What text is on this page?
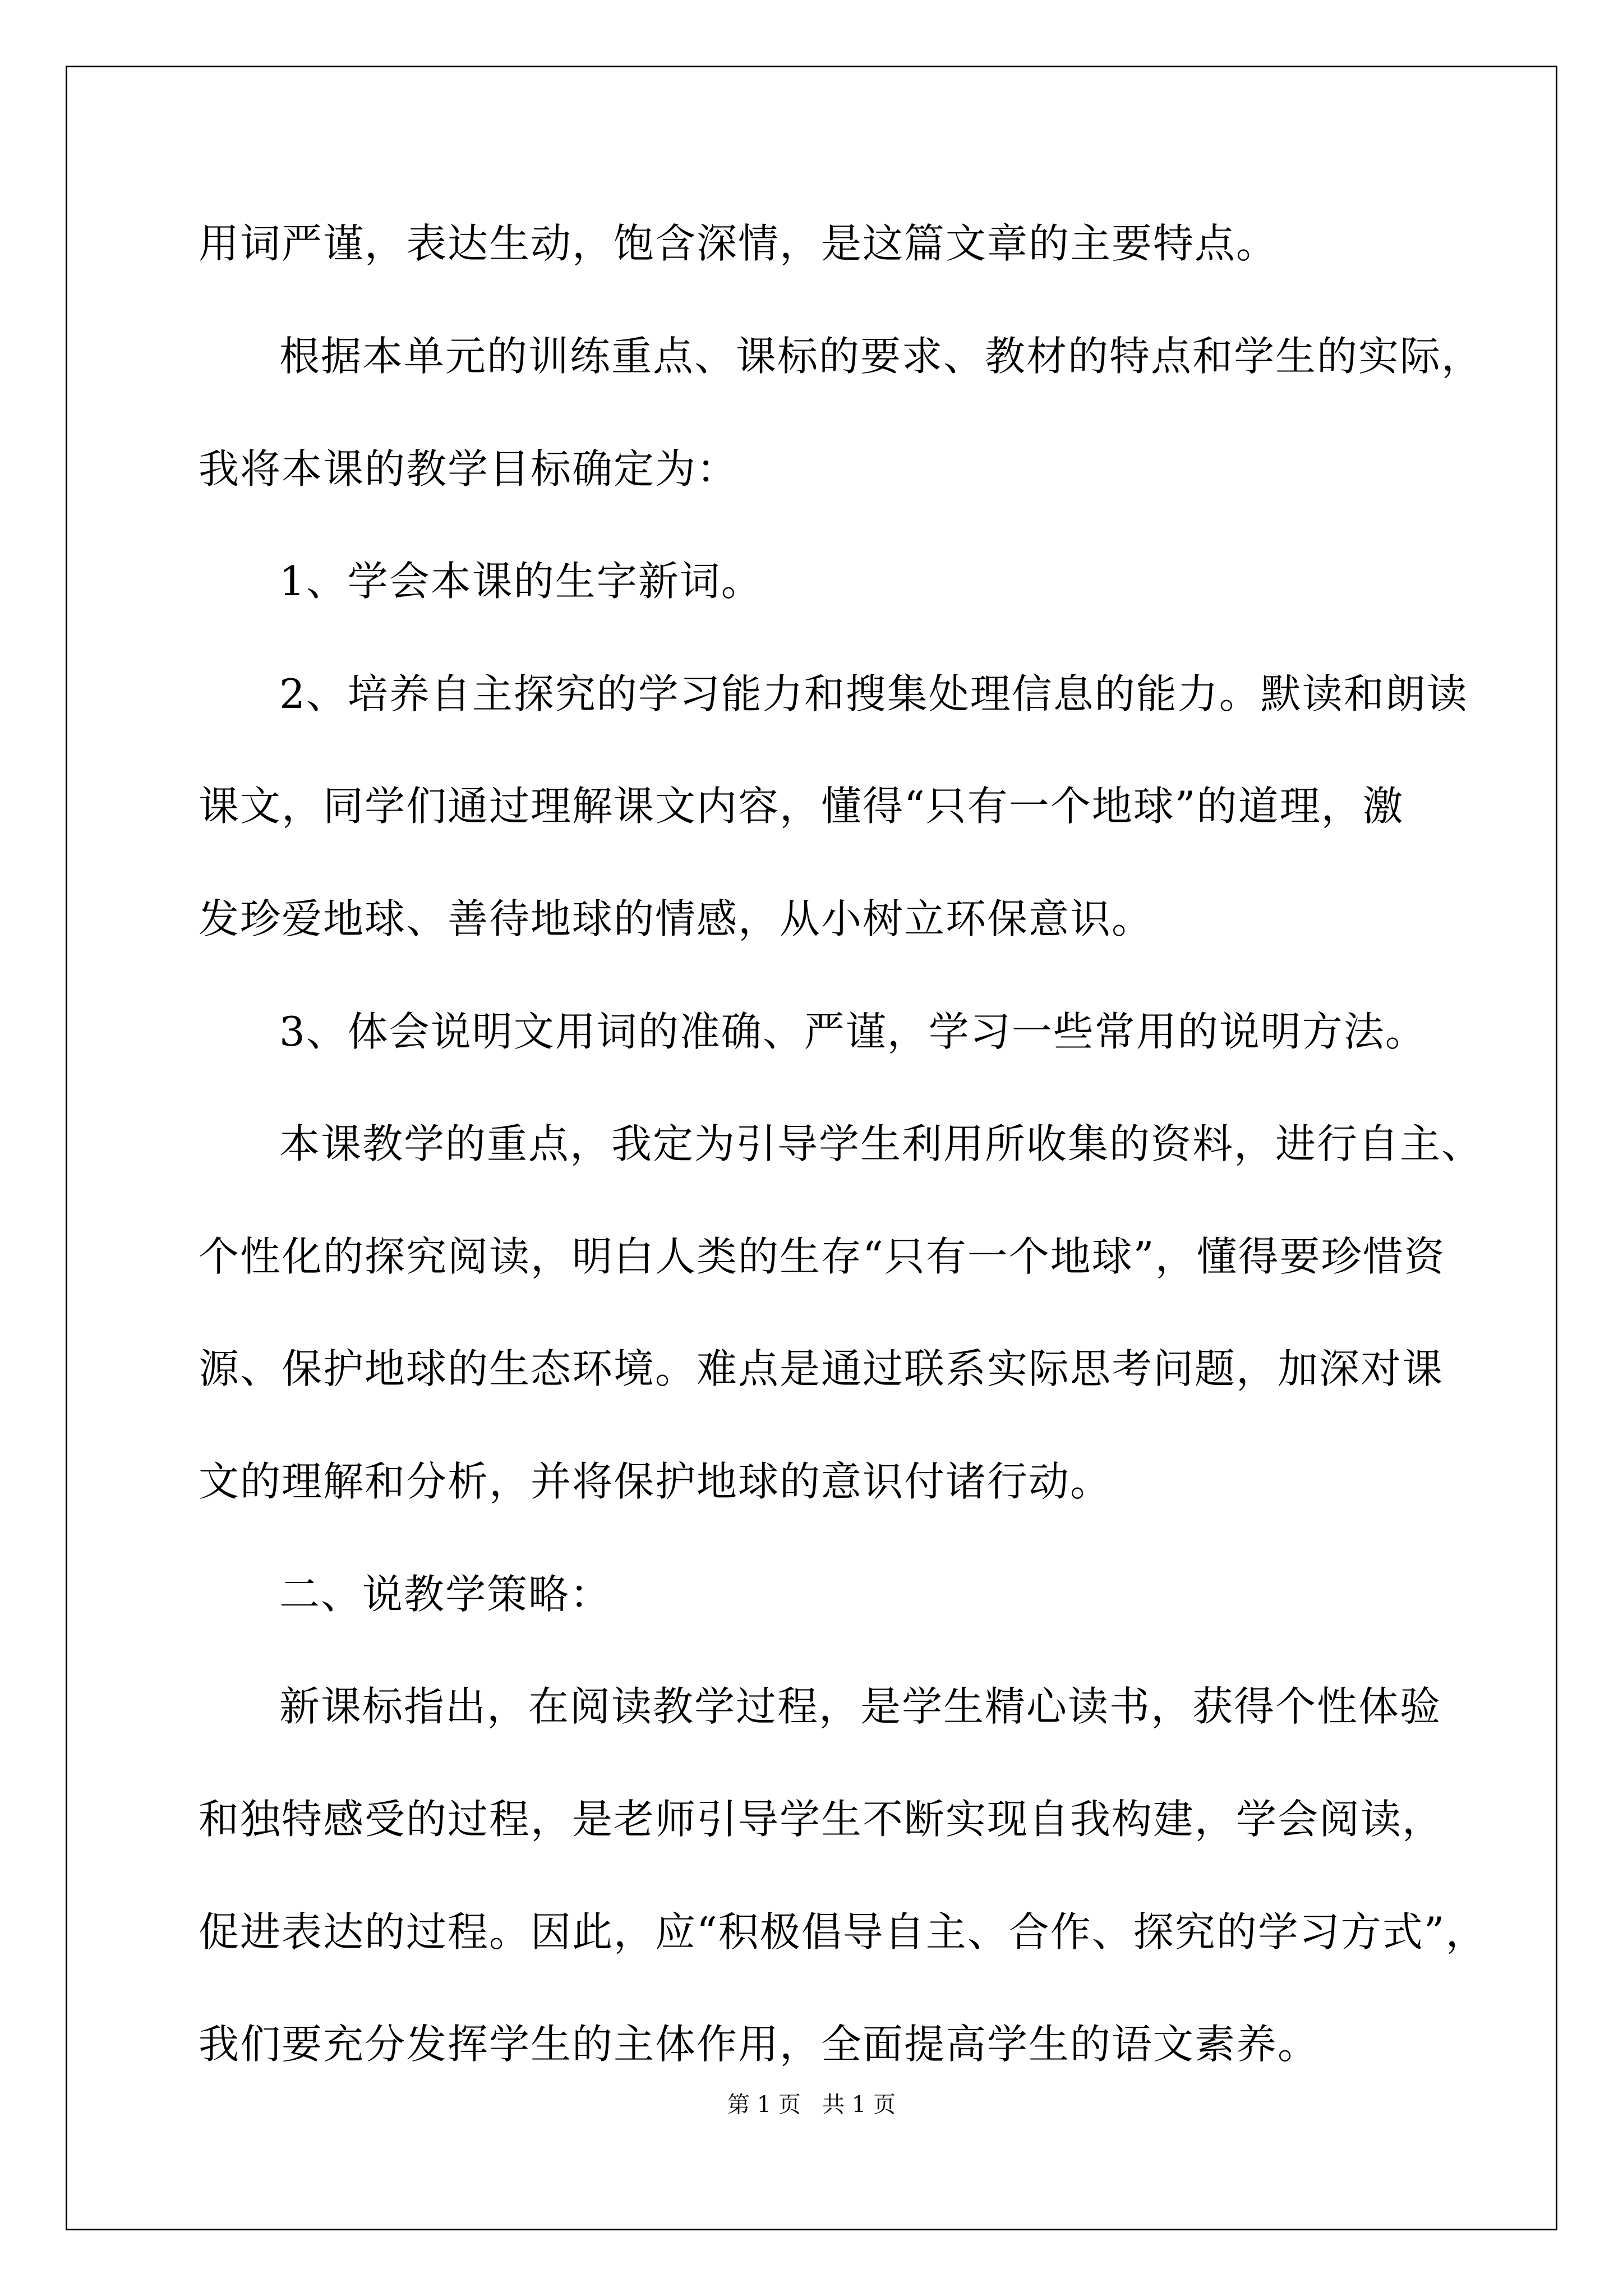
用词严谨，表达生动，饱含深情，是这篇文章的主要特点。

根据本单元的训练重点、课标的要求、教材的特点和学生的实际，

我将本课的教学目标确定为：

1、学会本课的生字新词。

2、培养自主探究的学习能力和搜集处理信息的能力。默读和朗读

课文，同学们通过理解课文内容，懂得“只有一个地球”的道理，激

发珍爱地球、善待地球的情感，从小树立环保意识。

3、体会说明文用词的准确、严谨，学习一些常用的说明方法。

本课教学的重点，我定为引导学生利用所收集的资料，进行自主、

个性化的探究阅读，明白人类的生存“只有一个地球”，懂得要珍惜资

源、保护地球的生态环境。难点是通过联系实际思考问题，加深对课

文的理解和分析，并将保护地球的意识付诸行动。

二、说教学策略：

新课标指出，在阅读教学过程，是学生精心读书，获得个性体验

和独特感受的过程，是老师引导学生不断实现自我构建，学会阅读，

促进表达的过程。因此，应“积极倡导自主、合作、探究的学习方式”，

我们要充分发挥学生的主体作用，全面提高学生的语文素养。

第 1 页   共 1 页
